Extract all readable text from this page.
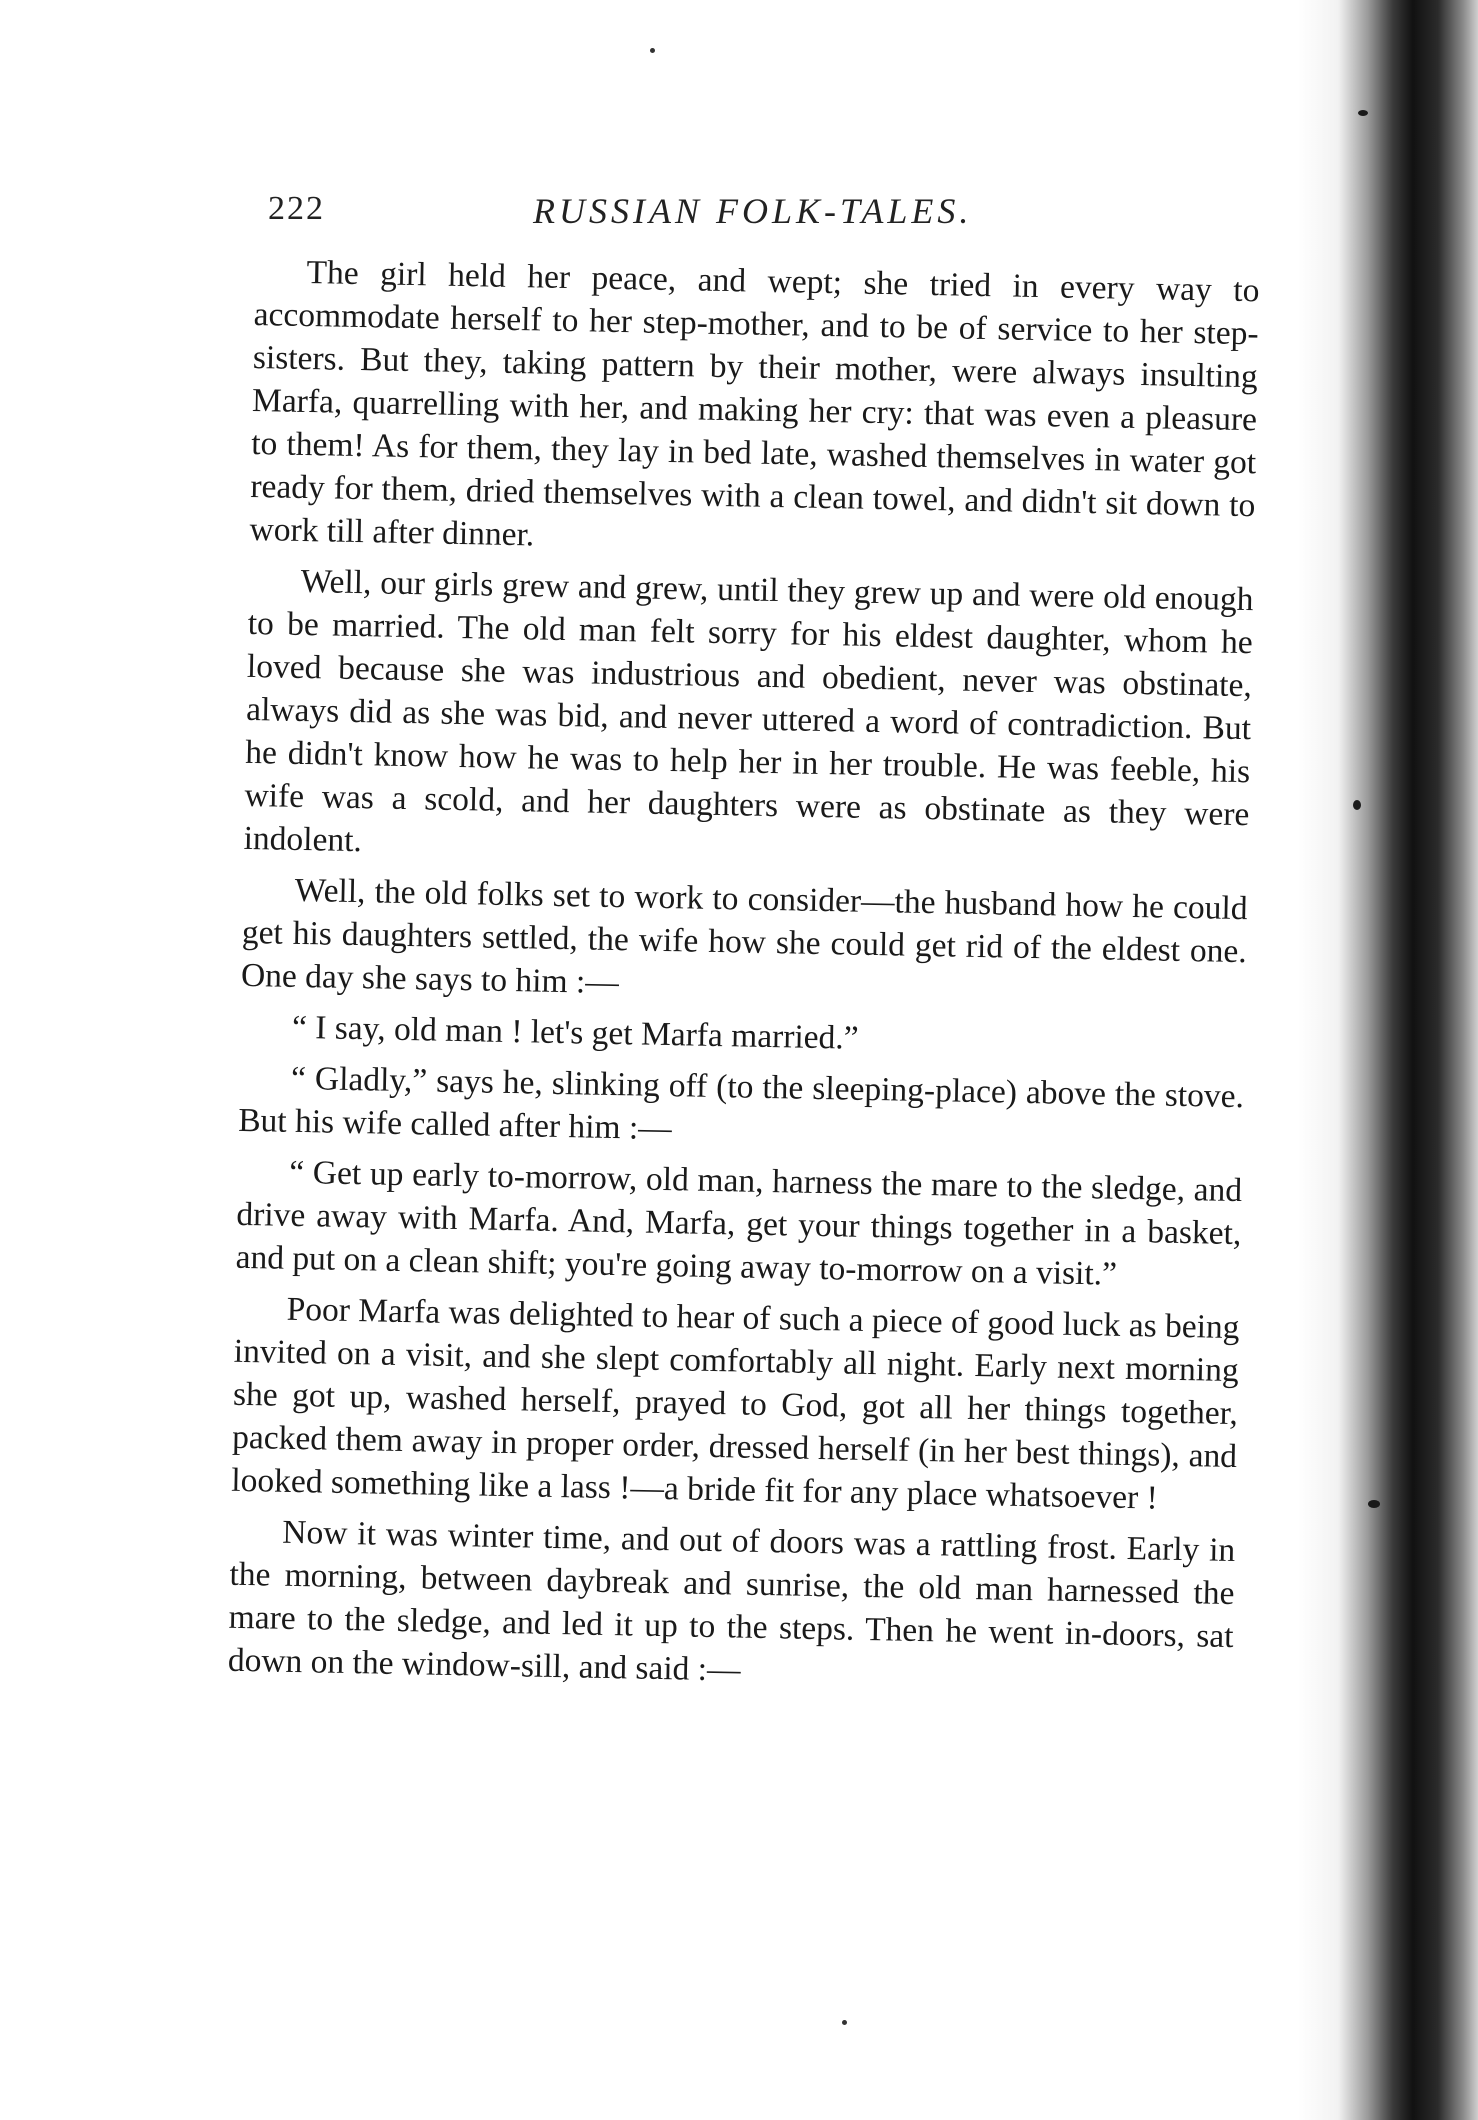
222	RUSSIAN FOLK-TALES.

The girl held her peace, and wept; she tried in every way to accommodate herself to her step-mother, and to be of service to her step-sisters. But they, taking pattern by their mother, were always insulting Marfa, quarrelling with her, and making her cry: that was even a pleasure to them! As for them, they lay in bed late, washed themselves in water got ready for them, dried themselves with a clean towel, and didn't sit down to work till after dinner.

Well, our girls grew and grew, until they grew up and were old enough to be married. The old man felt sorry for his eldest daughter, whom he loved because she was industrious and obedient, never was obstinate, always did as she was bid, and never uttered a word of contradiction. But he didn't know how he was to help her in her trouble. He was feeble, his wife was a scold, and her daughters were as obstinate as they were indolent.

Well, the old folks set to work to consider—the husband how he could get his daughters settled, the wife how she could get rid of the eldest one. One day she says to him :—

“ I say, old man ! let's get Marfa married.”

“ Gladly,” says he, slinking off (to the sleeping-place) above the stove. But his wife called after him :—

“ Get up early to-morrow, old man, harness the mare to the sledge, and drive away with Marfa. And, Marfa, get your things together in a basket, and put on a clean shift; you're going away to-morrow on a visit.”

Poor Marfa was delighted to hear of such a piece of good luck as being invited on a visit, and she slept comfortably all night. Early next morning she got up, washed herself, prayed to God, got all her things together, packed them away in proper order, dressed herself (in her best things), and looked something like a lass !—a bride fit for any place whatsoever !

Now it was winter time, and out of doors was a rattling frost. Early in the morning, between daybreak and sunrise, the old man harnessed the mare to the sledge, and led it up to the steps. Then he went in-doors, sat down on the window-sill, and said :—
